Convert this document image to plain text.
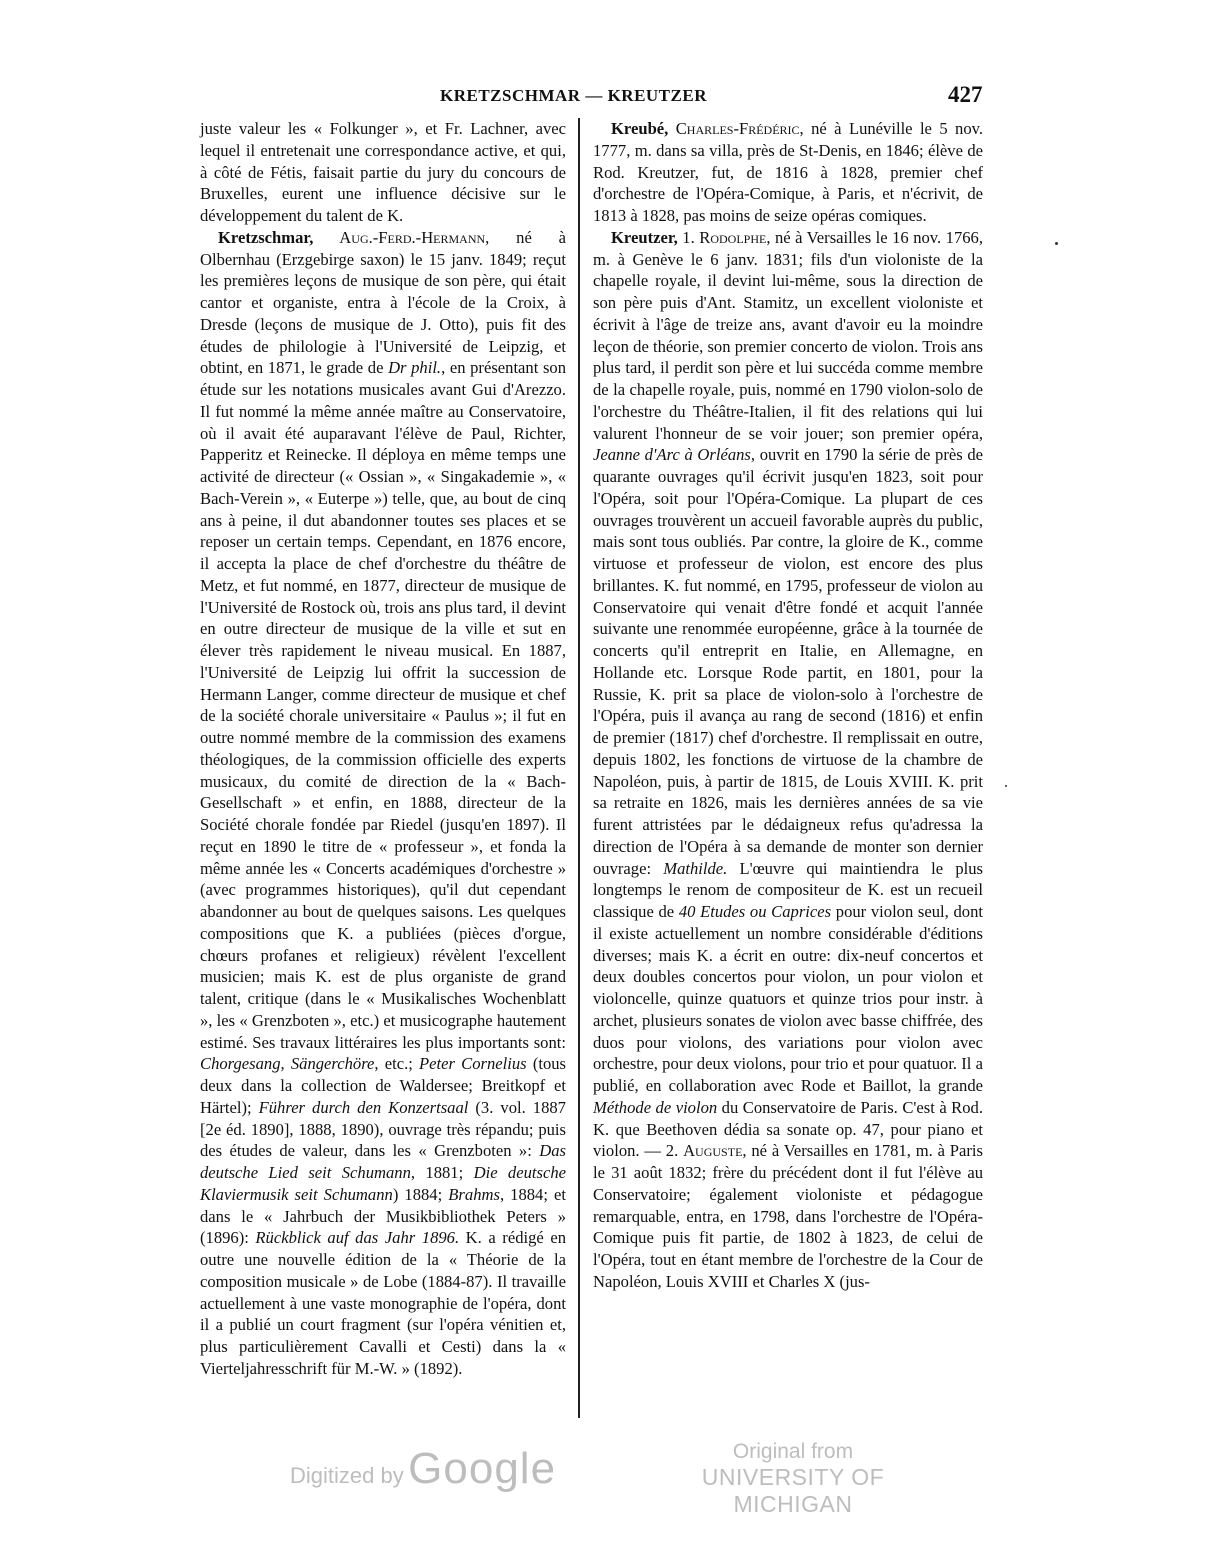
KRETZSCHMAR — KREUTZER	427

juste valeur les « Folkunger », et Fr. Lachner, avec lequel il entretenait une correspondance active, et qui, à côté de Fétis, faisait partie du jury du concours de Bruxelles, eurent une influence décisive sur le développement du talent de K.

Kretzschmar, Aug.-Ferd.-Hermann, né à Olbernhau (Erzgebirge saxon) le 15 janv. 1849; reçut les premières leçons de musique de son père, qui était cantor et organiste, entra à l'école de la Croix, à Dresde (leçons de musique de J. Otto), puis fit des études de philologie à l'Université de Leipzig, et obtint, en 1871, le grade de Dr phil., en présentant son étude sur les notations musicales avant Gui d'Arezzo. Il fut nommé la même année maître au Conservatoire, où il avait été auparavant l'élève de Paul, Richter, Papperitz et Reinecke. Il déploya en même temps une activité de directeur (« Ossian », « Singakademie », « Bach-Verein », « Euterpe ») telle, que, au bout de cinq ans à peine, il dut abandonner toutes ses places et se reposer un certain temps. Cependant, en 1876 encore, il accepta la place de chef d'orchestre du théâtre de Metz, et fut nommé, en 1877, directeur de musique de l'Université de Rostock où, trois ans plus tard, il devint en outre directeur de musique de la ville et sut en élever très rapidement le niveau musical. En 1887, l'Université de Leipzig lui offrit la succession de Hermann Langer, comme directeur de musique et chef de la société chorale universitaire « Paulus »; il fut en outre nommé membre de la commission des examens théologiques, de la commission officielle des experts musicaux, du comité de direction de la « Bach-Gesellschaft » et enfin, en 1888, directeur de la Société chorale fondée par Riedel (jusqu'en 1897). Il reçut en 1890 le titre de « professeur », et fonda la même année les « Concerts académiques d'orchestre » (avec programmes historiques), qu'il dut cependant abandonner au bout de quelques saisons. Les quelques compositions que K. a publiées (pièces d'orgue, chœurs profanes et religieux) révèlent l'excellent musicien; mais K. est de plus organiste de grand talent, critique (dans le « Musikalisches Wochenblatt », les « Grenzboten », etc.) et musicographe hautement estimé. Ses travaux littéraires les plus importants sont: Chorgesang, Sängerchöre, etc.; Peter Cornelius (tous deux dans la collection de Waldersee; Breitkopf et Härtel); Führer durch den Konzertsaal (3. vol. 1887 [2e éd. 1890], 1888, 1890), ouvrage très répandu; puis des études de valeur, dans les « Grenzboten »: Das deutsche Lied seit Schumann, 1881; Die deutsche Klaviermusik seit Schumann) 1884; Brahms, 1884; et dans le « Jahrbuch der Musikbibliothek Peters » (1896): Rückblick auf das Jahr 1896. K. a rédigé en outre une nouvelle édition de la « Théorie de la composition musicale » de Lobe (1884-87). Il travaille actuellement à une vaste monographie de l'opéra, dont il a publié un court fragment (sur l'opéra vénitien et, plus particulièrement Cavalli et Cesti) dans la « Vierteljahresschrift für M.-W. » (1892).

Kreubé, Charles-Frédéric, né à Lunéville le 5 nov. 1777, m. dans sa villa, près de St-Denis, en 1846; élève de Rod. Kreutzer, fut, de 1816 à 1828, premier chef d'orchestre de l'Opéra-Comique, à Paris, et n'écrivit, de 1813 à 1828, pas moins de seize opéras comiques.

Kreutzer, 1. Rodolphe, né à Versailles le 16 nov. 1766, m. à Genève le 6 janv. 1831; fils d'un violoniste de la chapelle royale, il devint lui-même, sous la direction de son père puis d'Ant. Stamitz, un excellent violoniste et écrivit à l'âge de treize ans, avant d'avoir eu la moindre leçon de théorie, son premier concerto de violon. Trois ans plus tard, il perdit son père et lui succéda comme membre de la chapelle royale, puis, nommé en 1790 violon-solo de l'orchestre du Théâtre-Italien, il fit des relations qui lui valurent l'honneur de se voir jouer; son premier opéra, Jeanne d'Arc à Orléans, ouvrit en 1790 la série de près de quarante ouvrages qu'il écrivit jusqu'en 1823, soit pour l'Opéra, soit pour l'Opéra-Comique. La plupart de ces ouvrages trouvèrent un accueil favorable auprès du public, mais sont tous oubliés. Par contre, la gloire de K., comme virtuose et professeur de violon, est encore des plus brillantes. K. fut nommé, en 1795, professeur de violon au Conservatoire qui venait d'être fondé et acquit l'année suivante une renommée européenne, grâce à la tournée de concerts qu'il entreprit en Italie, en Allemagne, en Hollande etc. Lorsque Rode partit, en 1801, pour la Russie, K. prit sa place de violon-solo à l'orchestre de l'Opéra, puis il avança au rang de second (1816) et enfin de premier (1817) chef d'orchestre. Il remplissait en outre, depuis 1802, les fonctions de virtuose de la chambre de Napoléon, puis, à partir de 1815, de Louis XVIII. K. prit sa retraite en 1826, mais les dernières années de sa vie furent attristées par le dédaigneux refus qu'adressa la direction de l'Opéra à sa demande de monter son dernier ouvrage: Mathilde. L'œuvre qui maintiendra le plus longtemps le renom de compositeur de K. est un recueil classique de 40 Etudes ou Caprices pour violon seul, dont il existe actuellement un nombre considérable d'éditions diverses; mais K. a écrit en outre: dix-neuf concertos et deux doubles concertos pour violon, un pour violon et violoncelle, quinze quatuors et quinze trios pour instr. à archet, plusieurs sonates de violon avec basse chiffrée, des duos pour violons, des variations pour violon avec orchestre, pour deux violons, pour trio et pour quatuor. Il a publié, en collaboration avec Rode et Baillot, la grande Méthode de violon du Conservatoire de Paris. C'est à Rod. K. que Beethoven dédia sa sonate op. 47, pour piano et violon. — 2. Auguste, né à Versailles en 1781, m. à Paris le 31 août 1832; frère du précédent dont il fut l'élève au Conservatoire; également violoniste et pédagogue remarquable, entra, en 1798, dans l'orchestre de l'Opéra-Comique puis fit partie, de 1802 à 1823, de celui de l'Opéra, tout en étant membre de l'orchestre de la Cour de Napoléon, Louis XVIII et Charles X (jus-

Digitized by Google	Original from
UNIVERSITY OF MICHIGAN
